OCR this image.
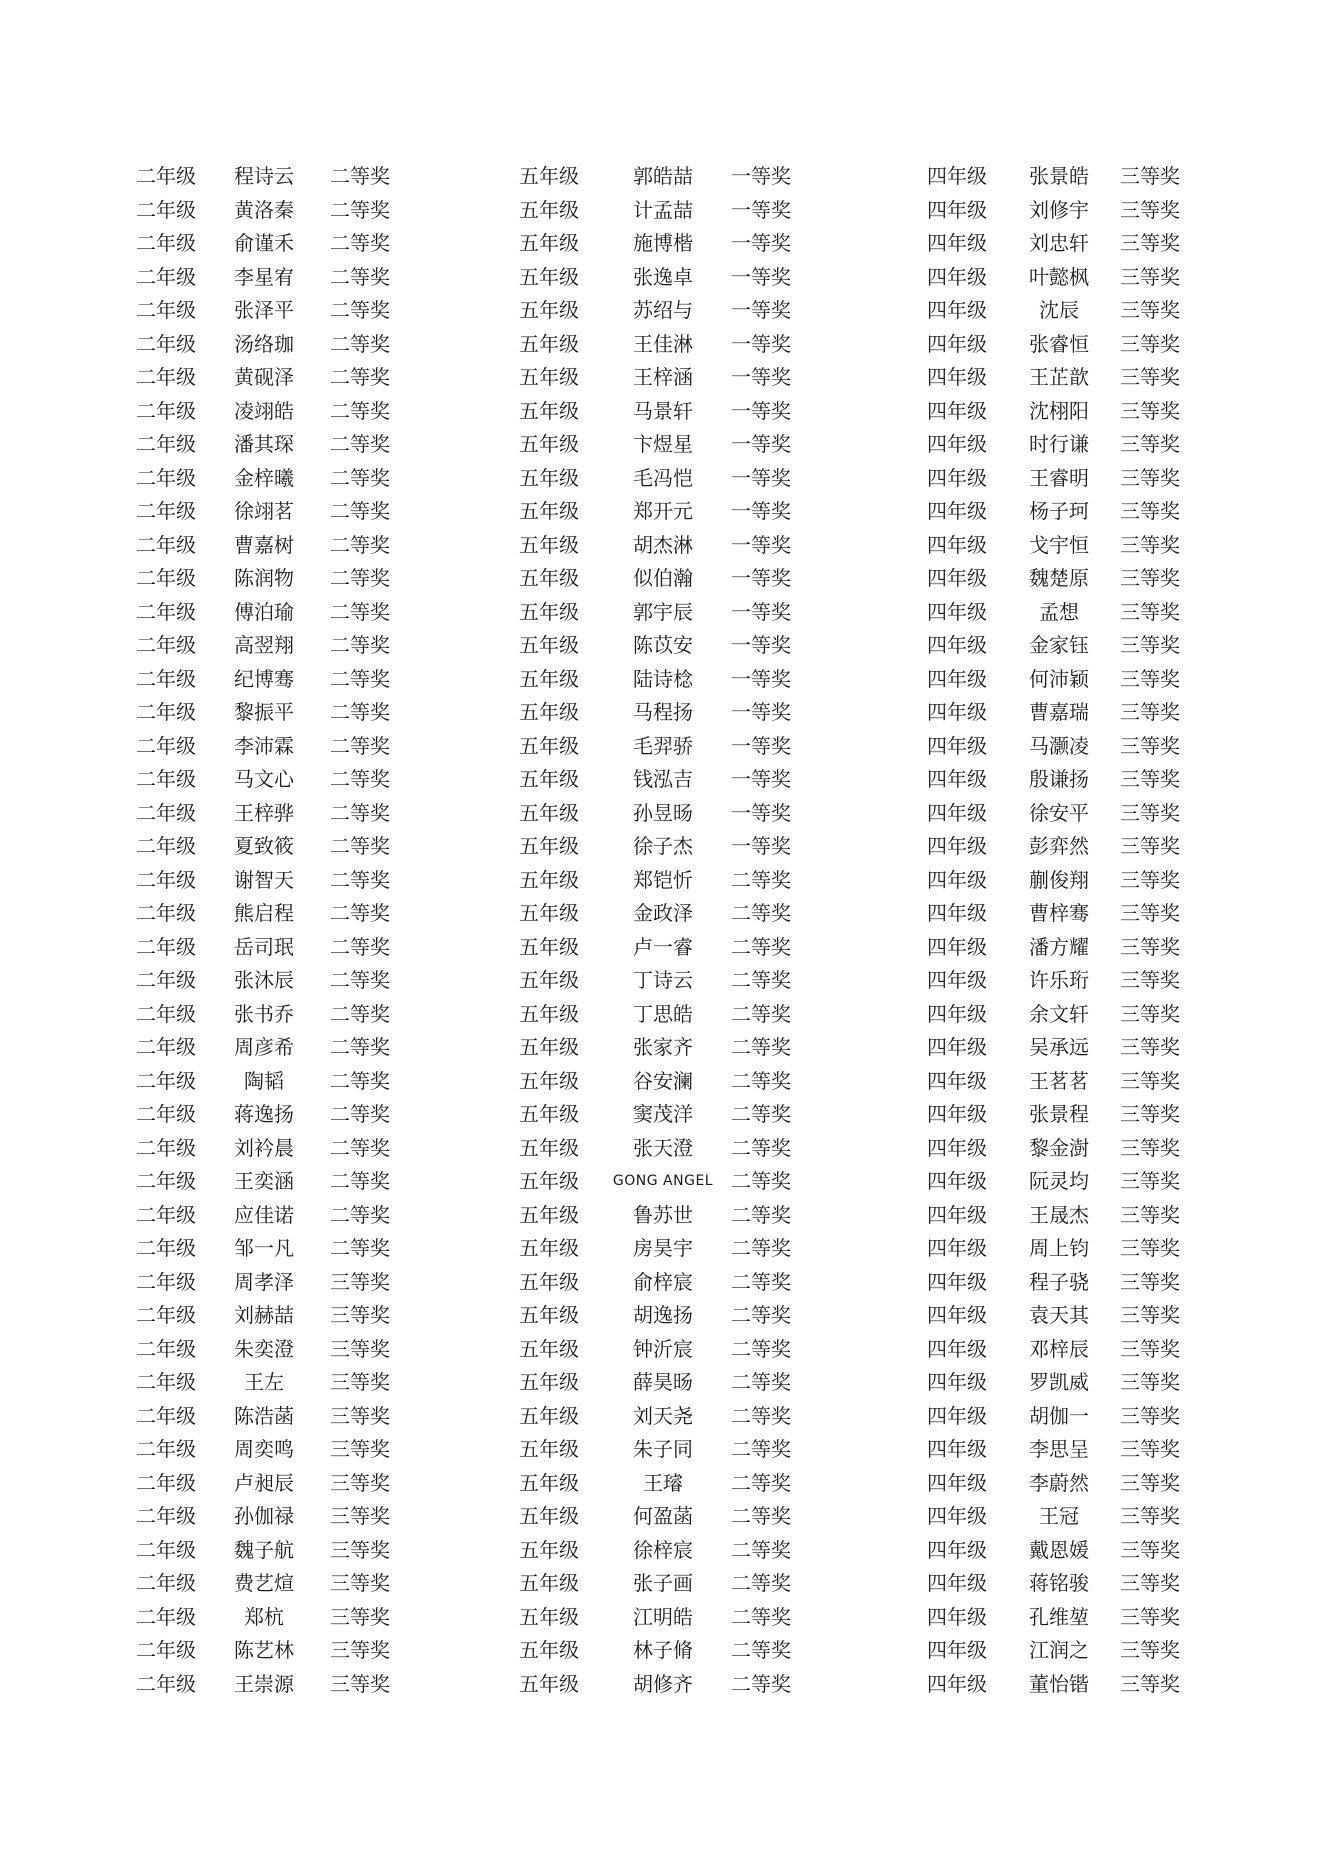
二年级	程诗云	二等奖
二年级	黄洛秦	二等奖
二年级	俞谨禾	二等奖
二年级	李星宥	二等奖
二年级	张泽平	二等奖
二年级	汤络珈	二等奖
二年级	黄砚泽	二等奖
二年级	凌翊皓	二等奖
二年级	潘其琛	二等奖
二年级	金梓曦	二等奖
二年级	徐翊茗	二等奖
二年级	曹嘉树	二等奖
二年级	陈润物	二等奖
二年级	傅泊瑜	二等奖
二年级	高翌翔	二等奖
二年级	纪博骞	二等奖
二年级	黎振平	二等奖
二年级	李沛霖	二等奖
二年级	马文心	二等奖
二年级	王梓骅	二等奖
二年级	夏致筱	二等奖
二年级	谢智天	二等奖
二年级	熊启程	二等奖
二年级	岳司珉	二等奖
二年级	张沐辰	二等奖
二年级	张书乔	二等奖
二年级	周彦希	二等奖
二年级	陶韬	二等奖
二年级	蒋逸扬	二等奖
二年级	刘衿晨	二等奖
二年级	王奕涵	二等奖
二年级	应佳诺	二等奖
二年级	邹一凡	二等奖
二年级	周孝泽	三等奖
二年级	刘赫喆	三等奖
二年级	朱奕澄	三等奖
二年级	王左	三等奖
二年级	陈浩菡	三等奖
二年级	周奕鸣	三等奖
二年级	卢昶辰	三等奖
二年级	孙伽禄	三等奖
二年级	魏子航	三等奖
二年级	费艺煊	三等奖
二年级	郑杭	三等奖
二年级	陈艺林	三等奖
二年级	王崇源	三等奖
五年级	郭皓喆	一等奖
五年级	计孟喆	一等奖
五年级	施博楷	一等奖
五年级	张逸卓	一等奖
五年级	苏绍与	一等奖
五年级	王佳淋	一等奖
五年级	王梓涵	一等奖
五年级	马景轩	一等奖
五年级	卞煜星	一等奖
五年级	毛冯恺	一等奖
五年级	郑开元	一等奖
五年级	胡杰淋	一等奖
五年级	似伯瀚	一等奖
五年级	郭宇辰	一等奖
五年级	陈苡安	一等奖
五年级	陆诗棯	一等奖
五年级	马程扬	一等奖
五年级	毛羿骄	一等奖
五年级	钱泓吉	一等奖
五年级	孙昱旸	一等奖
五年级	徐子杰	一等奖
五年级	郑铠忻	二等奖
五年级	金政泽	二等奖
五年级	卢一睿	二等奖
五年级	丁诗云	二等奖
五年级	丁思皓	二等奖
五年级	张家齐	二等奖
五年级	谷安澜	二等奖
五年级	窦茂洋	二等奖
五年级	张天澄	二等奖
五年级	GONG ANGEL 二等奖
五年级	鲁苏世	二等奖
五年级	房昊宇	二等奖
五年级	俞梓宸	二等奖
五年级	胡逸扬	二等奖
五年级	钟沂宸	二等奖
五年级	薛昊旸	二等奖
五年级	刘天尧	二等奖
五年级	朱子同	二等奖
五年级	王璿	二等奖
五年级	何盈菡	二等奖
五年级	徐梓宸	二等奖
五年级	张子画	二等奖
五年级	江明皓	二等奖
五年级	林子脩	二等奖
五年级	胡修齐	二等奖
四年级	张景皓	三等奖
四年级	刘修宇	三等奖
四年级	刘忠轩	三等奖
四年级	叶懿枫	三等奖
四年级	沈辰	三等奖
四年级	张睿恒	三等奖
四年级	王芷歆	三等奖
四年级	沈栩阳	三等奖
四年级	时行谦	三等奖
四年级	王睿明	三等奖
四年级	杨子珂	三等奖
四年级	戈宇恒	三等奖
四年级	魏楚原	三等奖
四年级	孟想	三等奖
四年级	金家钰	三等奖
四年级	何沛颖	三等奖
四年级	曹嘉瑞	三等奖
四年级	马灏凌	三等奖
四年级	殷谦扬	三等奖
四年级	徐安平	三等奖
四年级	彭弈然	三等奖
四年级	蒯俊翔	三等奖
四年级	曹梓骞	三等奖
四年级	潘方耀	三等奖
四年级	许乐珩	三等奖
四年级	余文轩	三等奖
四年级	吴承远	三等奖
四年级	王茗茗	三等奖
四年级	张景程	三等奖
四年级	黎金澍	三等奖
四年级	阮灵均	三等奖
四年级	王晟杰	三等奖
四年级	周上钧	三等奖
四年级	程子骁	三等奖
四年级	袁天其	三等奖
四年级	邓梓辰	三等奖
四年级	罗凯威	三等奖
四年级	胡伽一	三等奖
四年级	李思呈	三等奖
四年级	李蔚然	三等奖
四年级	王冠	三等奖
四年级	戴恩媛	三等奖
四年级	蒋铭骏	三等奖
四年级	孔维堃	三等奖
四年级	江润之	三等奖
四年级	董怡锴	三等奖
